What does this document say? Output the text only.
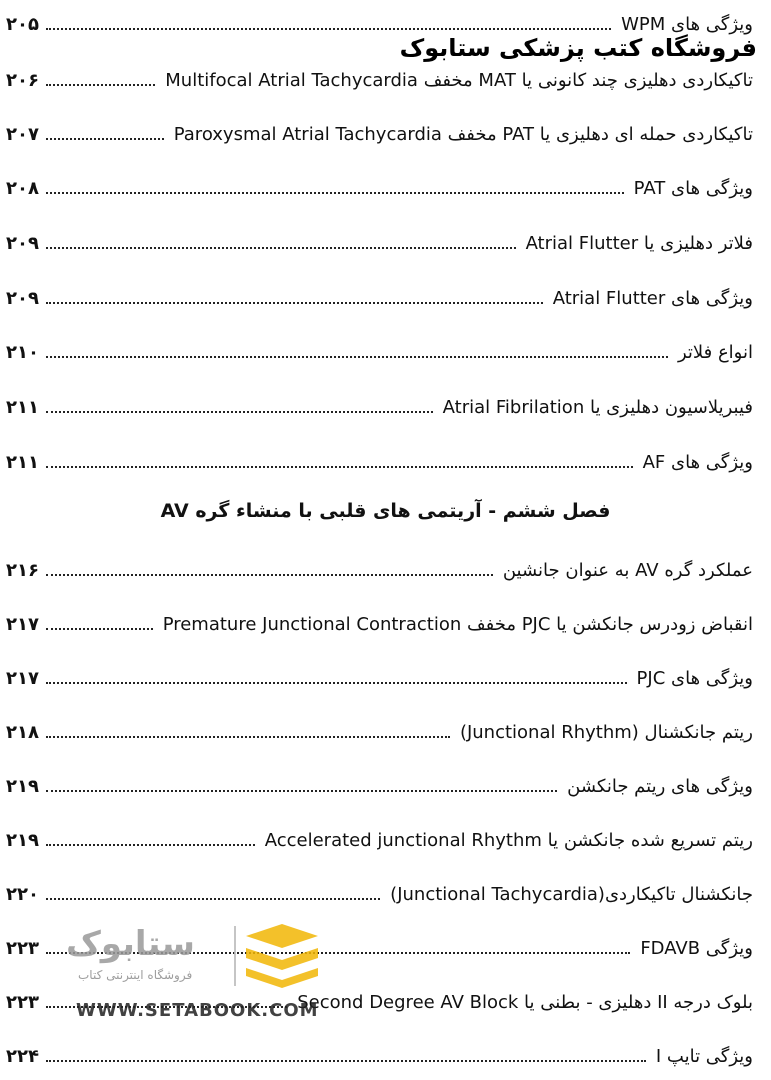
فروشگاه کتب پزشکی ستابوک
ویژگی های WPM
۲۰۵
تاکیکاردی دهلیزی چند کانونی یا MAT مخفف Multifocal Atrial Tachycardia
۲۰۶
تاکیکاردی حمله ای دهلیزی یا PAT مخفف Paroxysmal Atrial Tachycardia
۲۰۷
ویژگی های PAT
۲۰۸
فلاتر دهلیزی یا Atrial Flutter
۲۰۹
ویژگی های Atrial Flutter
۲۰۹
انواع فلاتر
۲۱۰
فیبریلاسیون دهلیزی یا Atrial Fibrilation
۲۱۱
ویژگی های AF
۲۱۱
فصل ششم - آریتمی های قلبی با منشاء گره AV
عملکرد گره AV به عنوان جانشین
۲۱۶
انقباض زودرس جانکشن یا PJC مخفف Premature Junctional Contraction
۲۱۷
ویژگی های PJC
۲۱۷
ریتم جانکشنال (Junctional Rhythm)
۲۱۸
ویژگی های ریتم جانکشن
۲۱۹
ریتم تسریع شده جانکشن یا Accelerated junctional Rhythm
۲۱۹
جانکشنال تاکیکاردی(Junctional Tachycardia)
۲۲۰
ویژگی FDAVB
۲۲۳
بلوک درجه II دهلیزی - بطنی یا Second Degree AV Block
۲۲۳
ویژگی تایپ I
۲۲۴
ستابوک
فروشگاه اینترنتی کتاب
WWW.SETABOOK.COM
